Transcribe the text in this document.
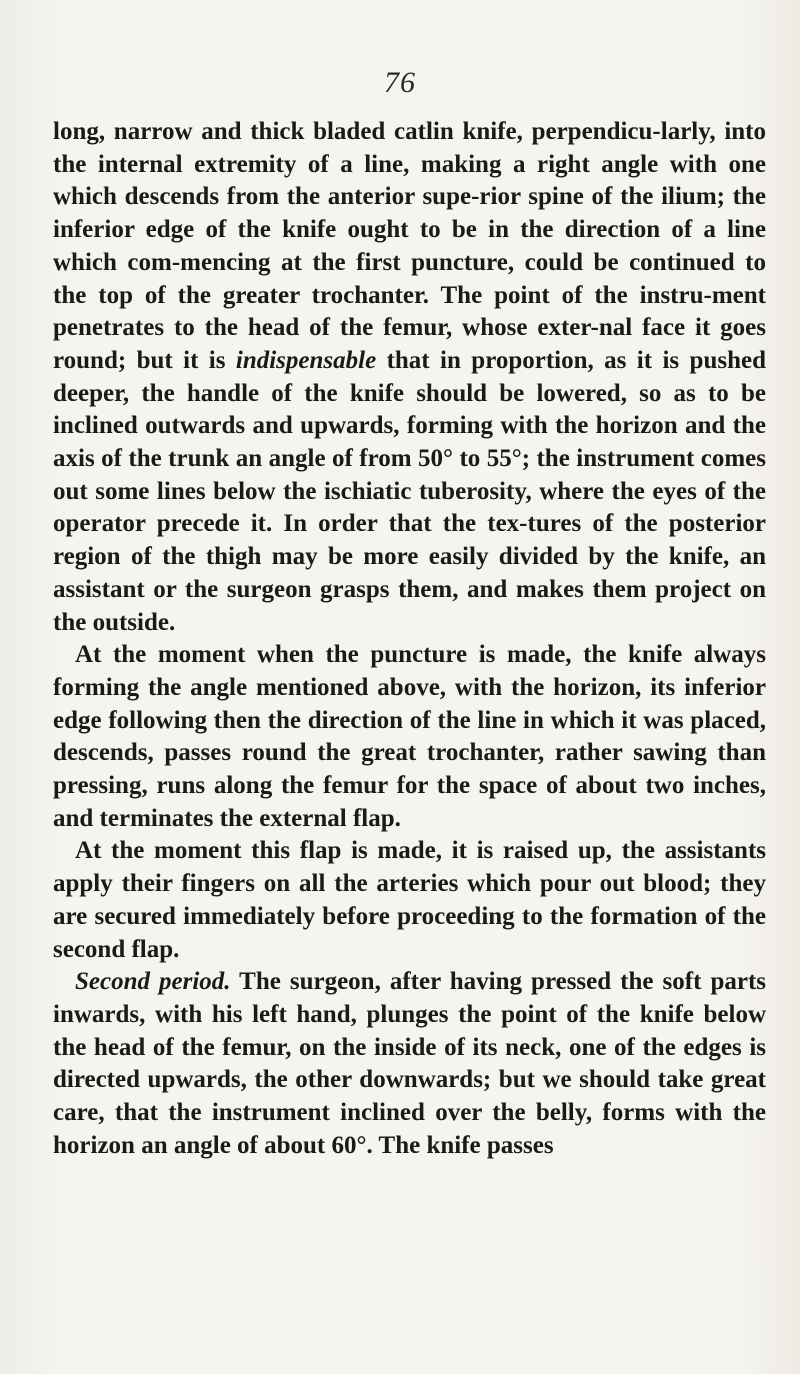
76

long, narrow and thick bladed catlin knife, perpendicu-larly, into the internal extremity of a line, making a right angle with one which descends from the anterior supe-rior spine of the ilium; the inferior edge of the knife ought to be in the direction of a line which com-mencing at the first puncture, could be continued to the top of the greater trochanter. The point of the instru-ment penetrates to the head of the femur, whose exter-nal face it goes round; but it is indispensable that in proportion, as it is pushed deeper, the handle of the knife should be lowered, so as to be inclined outwards and upwards, forming with the horizon and the axis of the trunk an angle of from 50° to 55°; the instrument comes out some lines below the ischiatic tuberosity, where the eyes of the operator precede it. In order that the tex-tures of the posterior region of the thigh may be more easily divided by the knife, an assistant or the surgeon grasps them, and makes them project on the outside.

At the moment when the puncture is made, the knife always forming the angle mentioned above, with the horizon, its inferior edge following then the direction of the line in which it was placed, descends, passes round the great trochanter, rather sawing than pressing, runs along the femur for the space of about two inches, and terminates the external flap.

At the moment this flap is made, it is raised up, the assistants apply their fingers on all the arteries which pour out blood; they are secured immediately before proceeding to the formation of the second flap.

Second period. The surgeon, after having pressed the soft parts inwards, with his left hand, plunges the point of the knife below the head of the femur, on the inside of its neck, one of the edges is directed upwards, the other downwards; but we should take great care, that the instrument inclined over the belly, forms with the horizon an angle of about 60°. The knife passes
